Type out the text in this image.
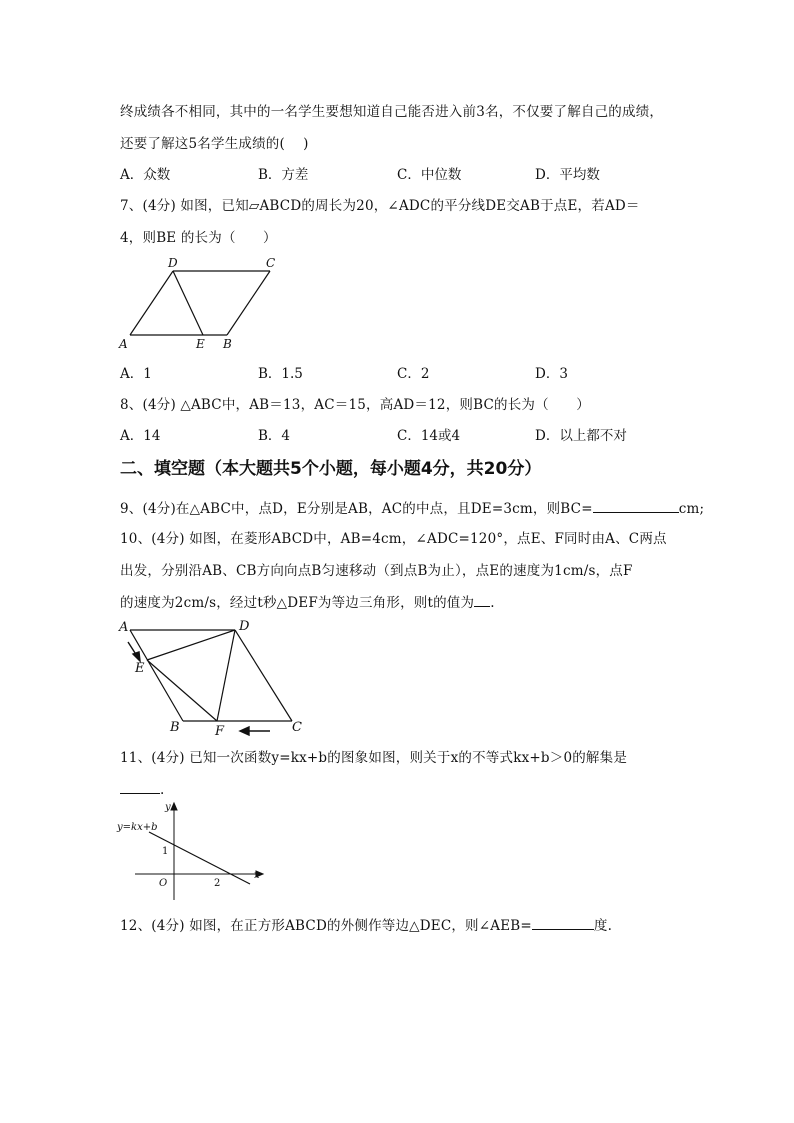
终成绩各不相同，其中的一名学生要想知道自己能否进入前3名，不仅要了解自己的成绩，
还要了解这5名学生成绩的(　 )
A．众数	B．方差	C．中位数	D．平均数
7、(4分) 如图，已知▱ABCD的周长为20，∠ADC的平分线DE交AB于点E，若AD＝
4，则BE 的长为（　　）
A	E B
D	C
A．1	B．1.5	C．2	D．3
8、(4分) △ABC中，AB＝13，AC＝15，高AD＝12，则BC的长为（　　）
A．14	B．4	C．14或4	D．以上都不对
二、填空题（本大题共5个小题，每小题4分，共20分）
9、(4分)在△ABC中，点D，E分别是AB，AC的中点，且DE=3cm，则BC=	cm;
10、(4分) 如图，在菱形ABCD中，AB=4cm，∠ADC=120°，点E、F同时由A、C两点
出发，分别沿AB、CB方向向点B匀速移动（到点B为止），点E的速度为1cm/s，点F
的速度为2cm/s，经过t秒△DEF为等边三角形，则t的值为 .
A	D
E
B	F	C
11、(4分) 已知一次函数y=kx+b的图象如图，则关于x的不等式kx+b＞0的解集是
.
y=kx+b
y
x
O
1
2
12、(4分) 如图，在正方形ABCD的外侧作等边△DEC，则∠AEB=	度.
